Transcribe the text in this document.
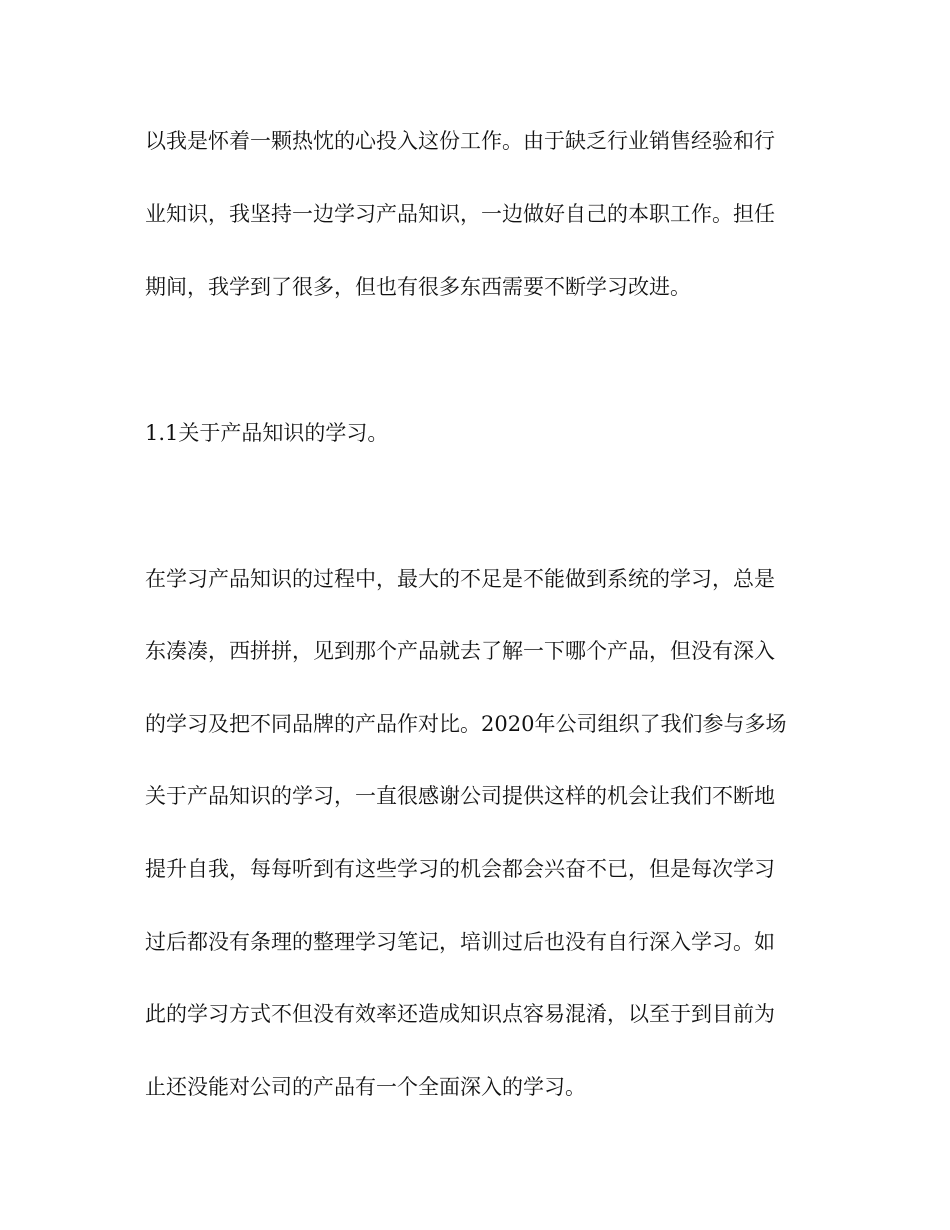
以我是怀着一颗热忱的心投入这份工作。由于缺乏行业销售经验和行

业知识，我坚持一边学习产品知识，一边做好自己的本职工作。担任

期间，我学到了很多，但也有很多东西需要不断学习改进。

1.1关于产品知识的学习。

在学习产品知识的过程中，最大的不足是不能做到系统的学习，总是

东凑凑，西拼拼，见到那个产品就去了解一下哪个产品，但没有深入

的学习及把不同品牌的产品作对比。2020年公司组织了我们参与多场

关于产品知识的学习，一直很感谢公司提供这样的机会让我们不断地

提升自我，每每听到有这些学习的机会都会兴奋不已，但是每次学习

过后都没有条理的整理学习笔记，培训过后也没有自行深入学习。如

此的学习方式不但没有效率还造成知识点容易混淆，以至于到目前为

止还没能对公司的产品有一个全面深入的学习。
